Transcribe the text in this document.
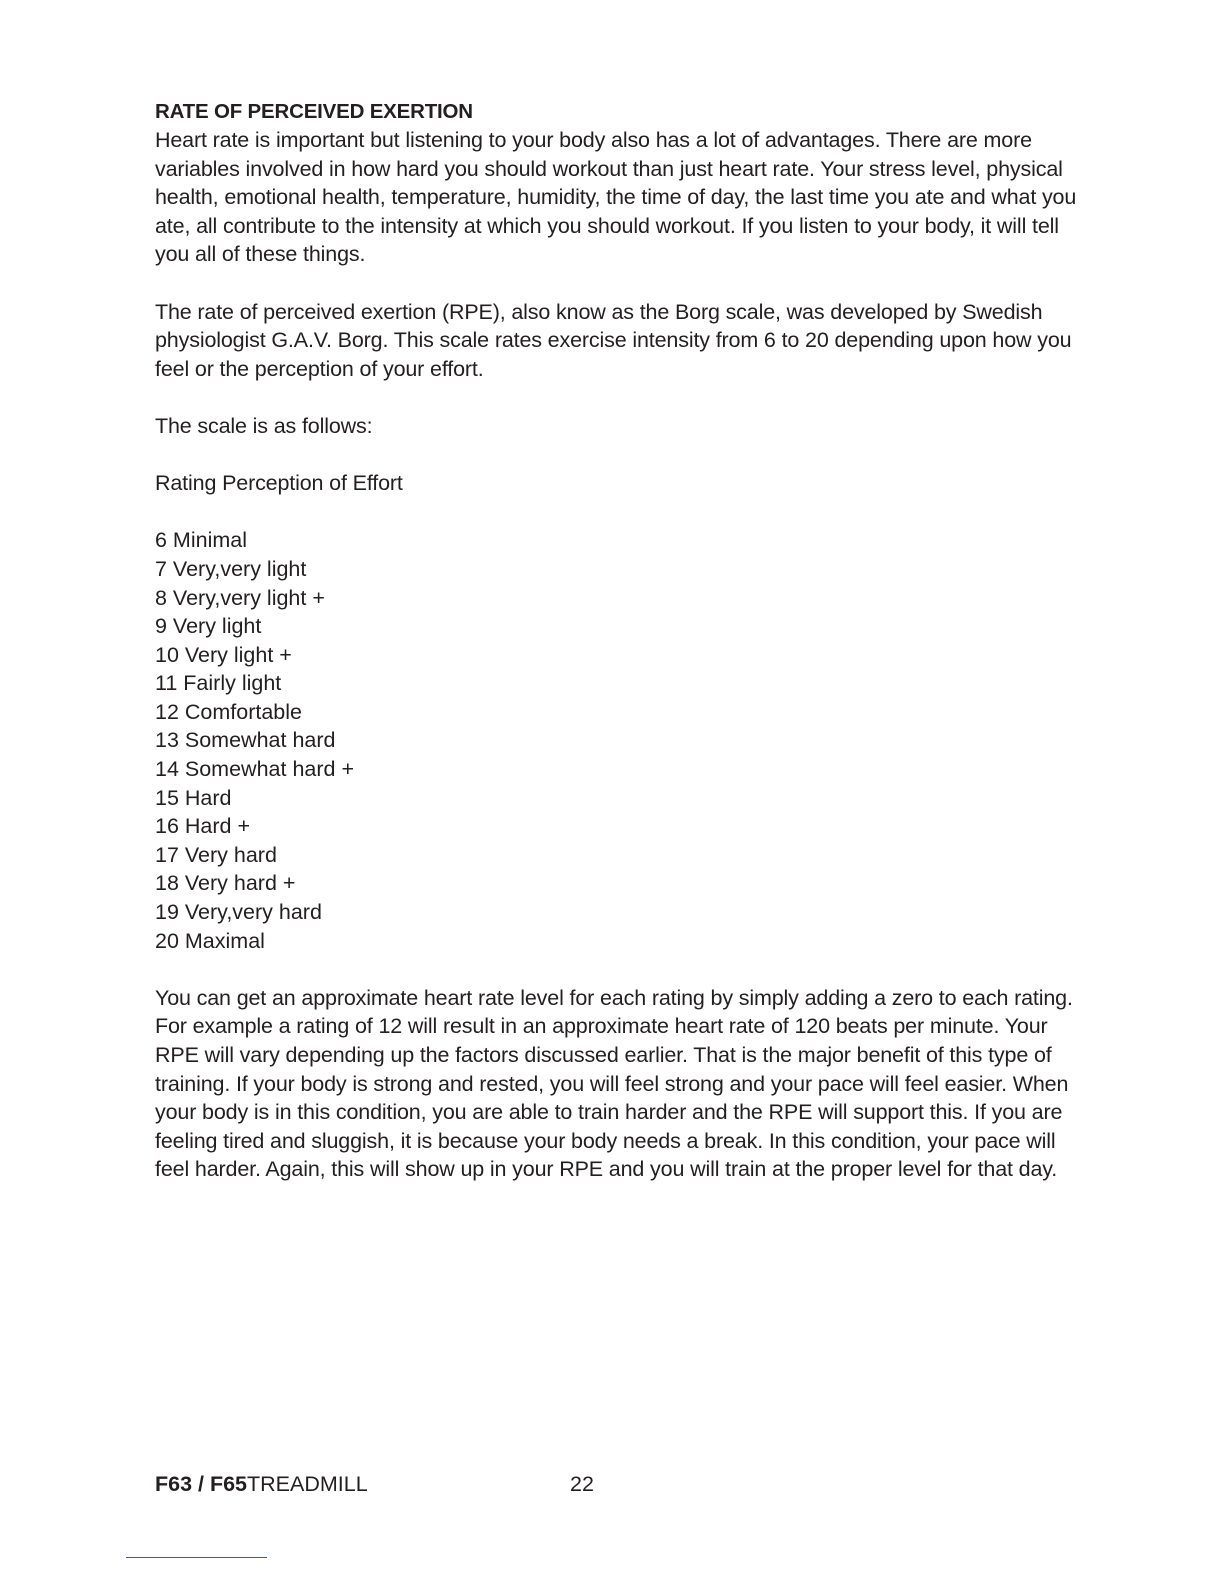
RATE OF PERCEIVED EXERTION

Heart rate is important but listening to your body also has a lot of advantages. There are more variables involved in how hard you should workout than just heart rate. Your stress level, physical health, emotional health, temperature, humidity, the time of day, the last time you ate and what you ate, all contribute to the intensity at which you should workout. If you listen to your body, it will tell you all of these things.

The rate of perceived exertion (RPE), also know as the Borg scale, was developed by Swedish physiologist G.A.V. Borg. This scale rates exercise intensity from 6 to 20 depending upon how you feel or the perception of your effort.

The scale is as follows:

Rating Perception of Effort

6 Minimal
7 Very,very light
8 Very,very light +
9 Very light
10 Very light +
11 Fairly light
12 Comfortable
13 Somewhat hard
14 Somewhat hard +
15 Hard
16 Hard +
17 Very hard
18 Very hard +
19 Very,very hard
20 Maximal

You can get an approximate heart rate level for each rating by simply adding a zero to each rating. For example a rating of 12 will result in an approximate heart rate of 120 beats per minute. Your RPE will vary depending up the factors discussed earlier. That is the major benefit of this type of training. If your body is strong and rested, you will feel strong and your pace will feel easier. When your body is in this condition, you are able to train harder and the RPE will support this. If you are feeling tired and sluggish, it is because your body needs a break. In this condition, your pace will feel harder. Again, this will show up in your RPE and you will train at the proper level for that day.

F63 / F65TREADMILL	22
